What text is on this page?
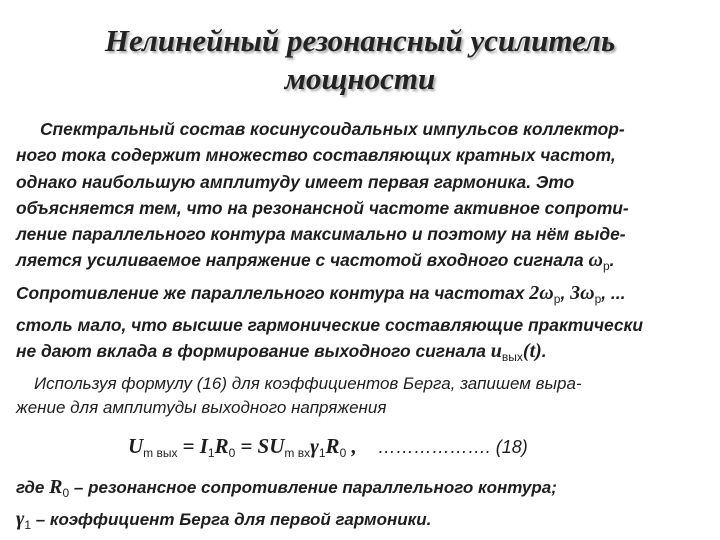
Нелинейный резонансный усилитель
мощности
Спектральный состав косинусоидальных импульсов коллектор-
ного тока содержит множество составляющих кратных частот,
однако наибольшую амплитуду имеет первая гармоника. Это
объясняется тем, что на резонансной частоте активное сопроти-
ление параллельного контура максимально и поэтому на нём выде-
ляется усиливаемое напряжение с частотой входного сигнала $\omega_р$.
Сопротивление же параллельного контура на частотах $2\omega_р$, $3\omega_р$, ...
столь мало, что высшие гармонические составляющие практически
не дают вклада в формирование выходного сигнала $u_{вых}(t)$.
Используя формулу (16) для коэффициентов Берга, запишем выра-
жение для амплитуды выходного напряжения
$U_{m вых} = I_1R_0 = SU_{m вх}\gamma_1R_0$ , ………………. (18)
где $R_0$ – резонансное сопротивление параллельного контура;
$\gamma_1$ – коэффициент Берга для первой гармоники.
